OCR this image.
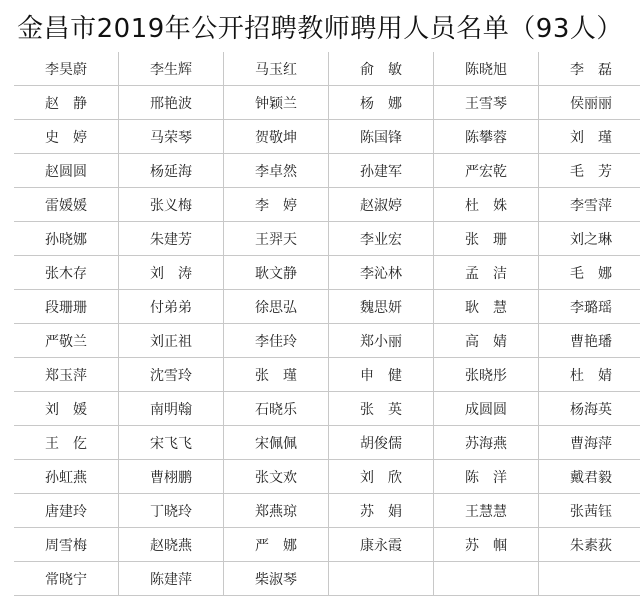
金昌市2019年公开招聘教师聘用人员名单（93人）
李昊蔚	李生辉	马玉红	俞　敏	陈晓旭	李　磊
赵　静	邢艳波	钟颖兰	杨　娜	王雪琴	侯丽丽
史　婷	马荣琴	贺敬坤	陈国锋	陈攀蓉	刘　瑾
赵圆圆	杨延海	李卓然	孙建军	严宏乾	毛　芳
雷媛媛	张义梅	李　婷	赵淑婷	杜　姝	李雪萍
孙晓娜	朱建芳	王羿天	李业宏	张　珊	刘之琳
张木存	刘　涛	耿文静	李沁林	孟　洁	毛　娜
段珊珊	付弟弟	徐思弘	魏思妍	耿　慧	李璐瑶
严敬兰	刘正祖	李佳玲	郑小丽	高　婧	曹艳璠
郑玉萍	沈雪玲	张　瑾	申　健	张晓彤	杜　婧
刘　媛	南明翰	石晓乐	张　英	成圆圆	杨海英
王　仡	宋飞飞	宋佩佩	胡俊儒	苏海燕	曹海萍
孙虹燕	曹栩鹏	张文欢	刘　欣	陈　洋	戴君毅
唐建玲	丁晓玲	郑燕琼	苏　娟	王慧慧	张茜钰
周雪梅	赵晓燕	严　娜	康永霞	苏　帼	朱素荻
常晓宁	陈建萍	柴淑琴			
